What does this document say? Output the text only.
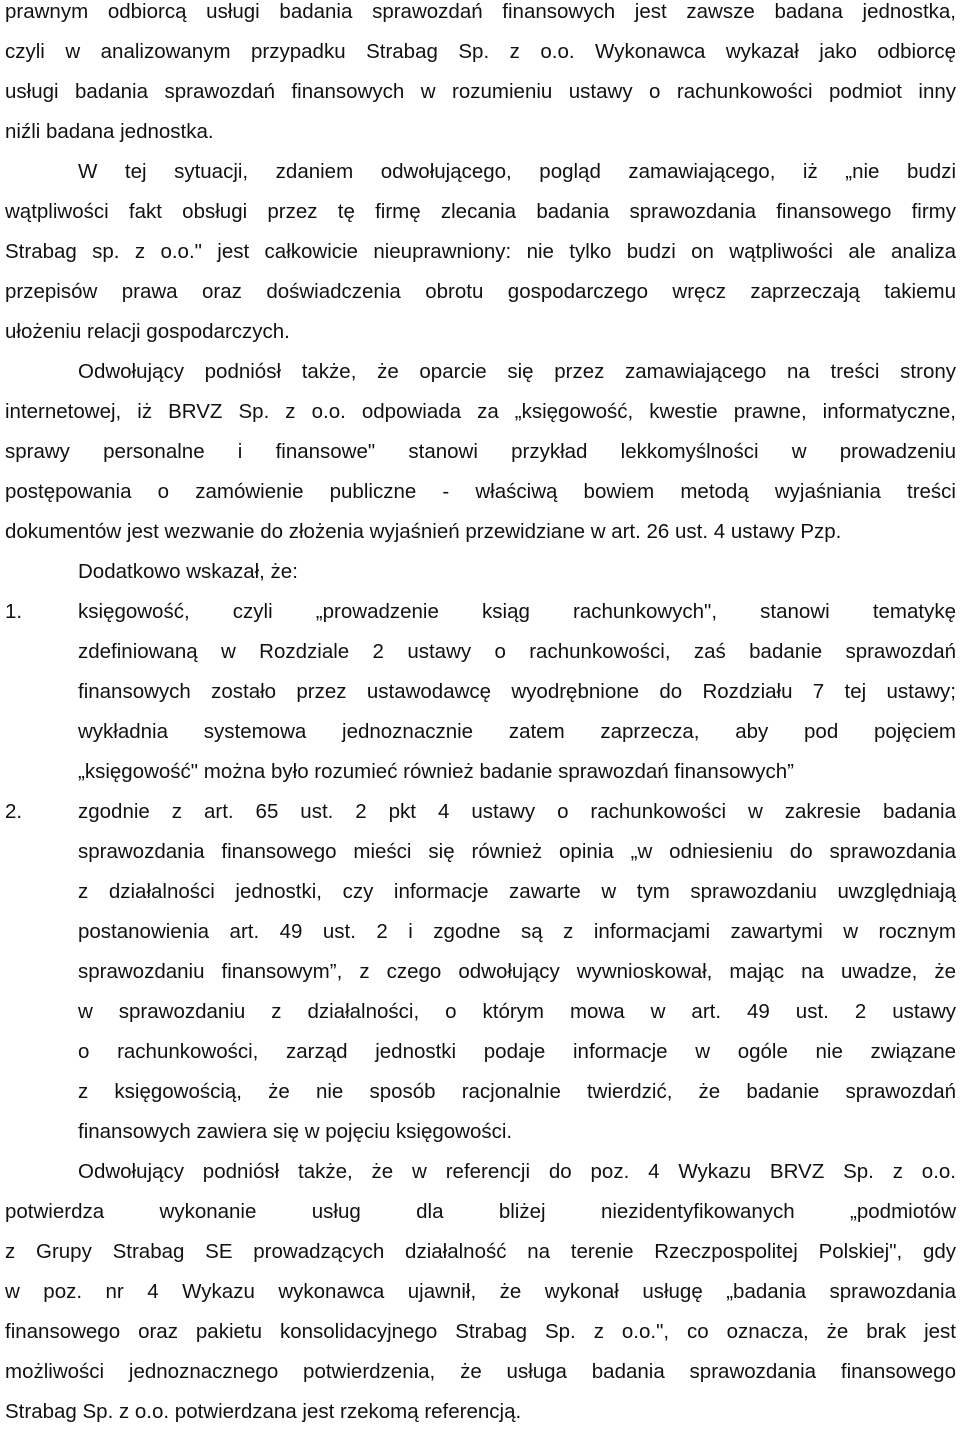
prawnym odbiorcą usługi badania sprawozdań finansowych jest zawsze badana jednostka,
czyli w analizowanym przypadku Strabag Sp. z o.o. Wykonawca wykazał jako odbiorcę
usługi badania sprawozdań finansowych w rozumieniu ustawy o rachunkowości podmiot inny
niźli badana jednostka.
W tej sytuacji, zdaniem odwołującego, pogląd zamawiającego, iż „nie budzi
wątpliwości fakt obsługi przez tę firmę zlecania badania sprawozdania finansowego firmy
Strabag sp. z o.o." jest całkowicie nieuprawniony: nie tylko budzi on wątpliwości ale analiza
przepisów prawa oraz doświadczenia obrotu gospodarczego wręcz zaprzeczają takiemu
ułożeniu relacji gospodarczych.
Odwołujący podniósł także, że oparcie się przez zamawiającego na treści strony
internetowej, iż BRVZ Sp. z o.o. odpowiada za „księgowość, kwestie prawne, informatyczne,
sprawy personalne i finansowe" stanowi przykład lekkomyślności w prowadzeniu
postępowania o zamówienie publiczne - właściwą bowiem metodą wyjaśniania treści
dokumentów jest wezwanie do złożenia wyjaśnień przewidziane w art. 26 ust. 4 ustawy Pzp.
Dodatkowo wskazał, że:
1.	księgowość, czyli „prowadzenie ksiąg rachunkowych", stanowi tematykę
zdefiniowaną w Rozdziale 2 ustawy o rachunkowości, zaś badanie sprawozdań
finansowych zostało przez ustawodawcę wyodrębnione do Rozdziału 7 tej ustawy;
wykładnia systemowa jednoznacznie zatem zaprzecza, aby pod pojęciem
„księgowość" można było rozumieć również badanie sprawozdań finansowych”
2.	zgodnie z art. 65 ust. 2 pkt 4 ustawy o rachunkowości w zakresie badania
sprawozdania finansowego mieści się również opinia „w odniesieniu do sprawozdania
z działalności jednostki, czy informacje zawarte w tym sprawozdaniu uwzględniają
postanowienia art. 49 ust. 2 i zgodne są z informacjami zawartymi w rocznym
sprawozdaniu finansowym”, z czego odwołujący wywnioskował, mając na uwadze, że
w sprawozdaniu z działalności, o którym mowa w art. 49 ust. 2 ustawy
o rachunkowości, zarząd jednostki podaje informacje w ogóle nie związane
z księgowością, że nie sposób racjonalnie twierdzić, że badanie sprawozdań
finansowych zawiera się w pojęciu księgowości.
Odwołujący podniósł także, że w referencji do poz. 4 Wykazu BRVZ Sp. z o.o.
potwierdza wykonanie usług dla bliżej niezidentyfikowanych „podmiotów
z Grupy Strabag SE prowadzących działalność na terenie Rzeczpospolitej Polskiej", gdy
w poz. nr 4 Wykazu wykonawca ujawnił, że wykonał usługę „badania sprawozdania
finansowego oraz pakietu konsolidacyjnego Strabag Sp. z o.o.", co oznacza, że brak jest
możliwości jednoznacznego potwierdzenia, że usługa badania sprawozdania finansowego
Strabag Sp. z o.o. potwierdzana jest rzekomą referencją.
